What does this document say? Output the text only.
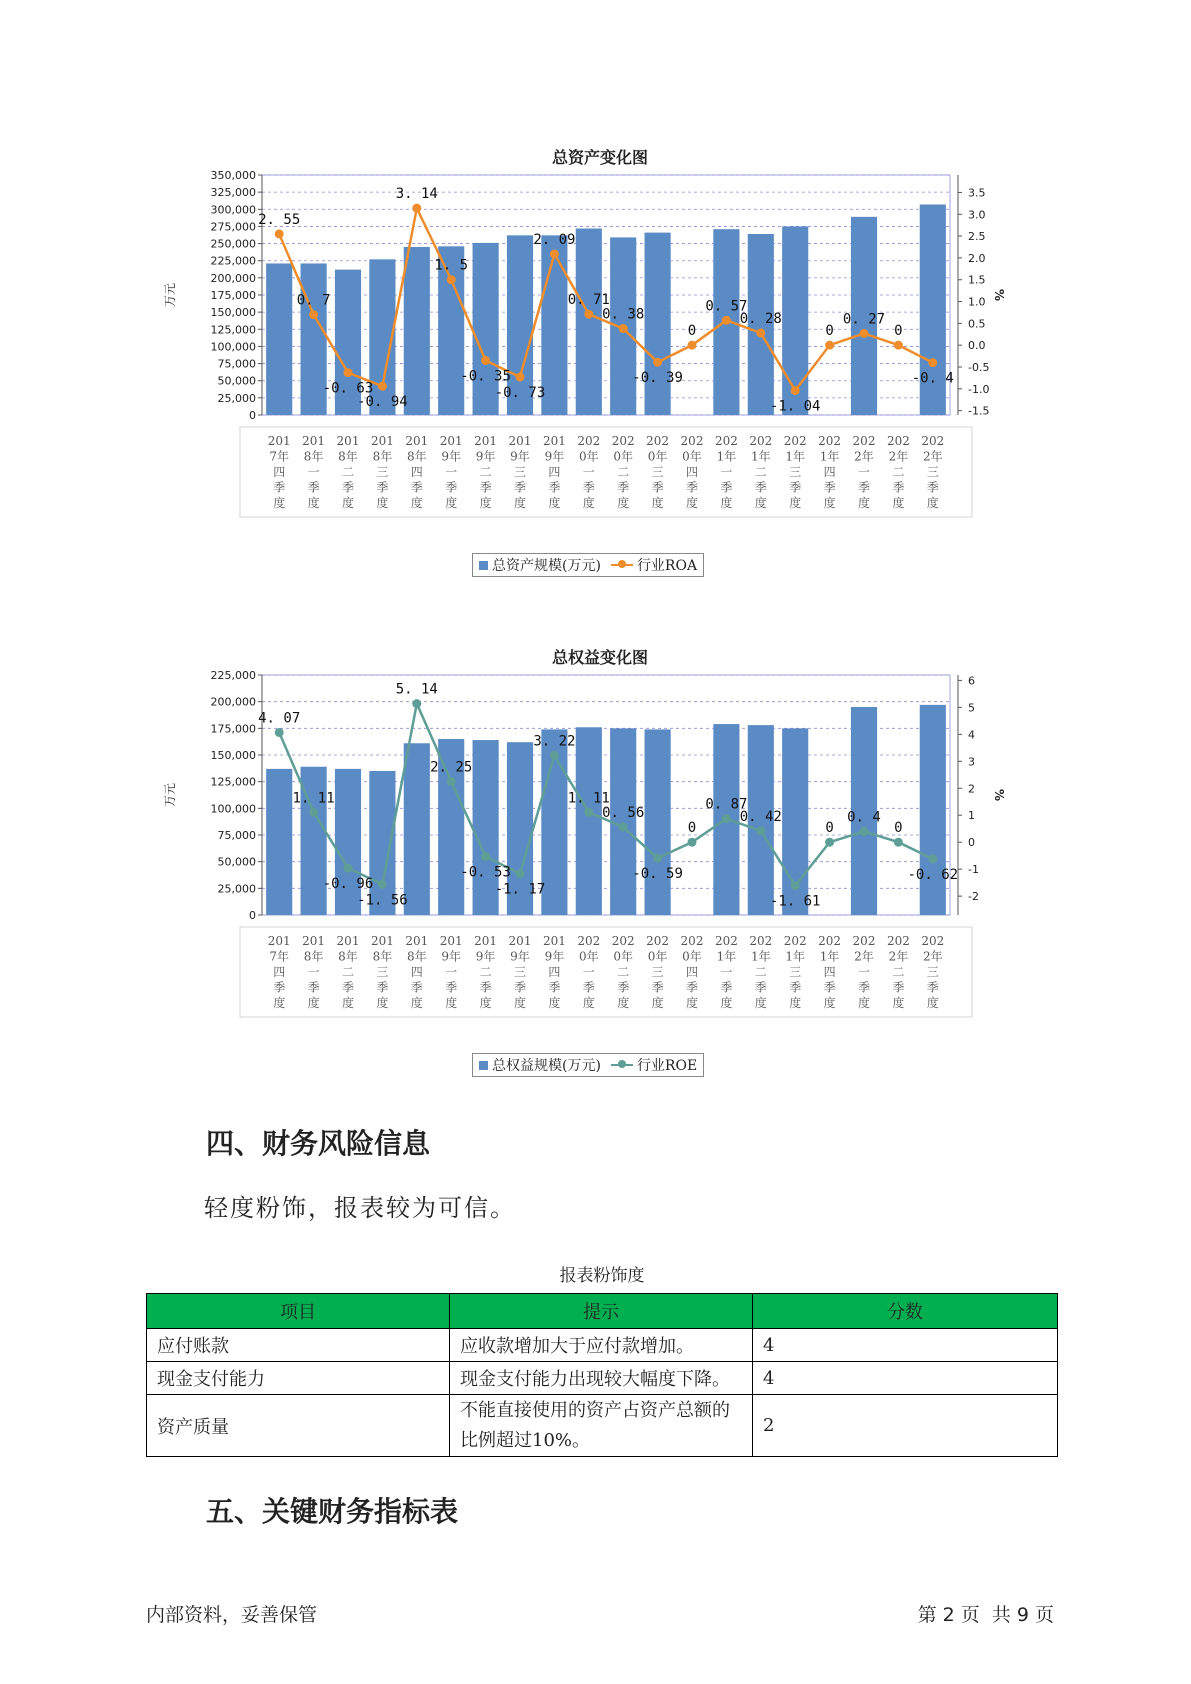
总资产变化图
0
25,000
50,000
75,000
100,000
125,000
150,000
175,000
200,000
225,000
250,000
275,000
300,000
325,000
350,000
-1.5
-1.0
-0.5
0.0
0.5
1.0
1.5
2.0
2.5
3.0
3.5
万元	%
201
7年
四
季
度
201
8年
一
季
度
201
8年
二
季
度
201
8年
三
季
度
201
8年
四
季
度
201
9年
一
季
度
201
9年
二
季
度
201
9年
三
季
度
201
9年
四
季
度
202
0年
一
季
度
202
0年
二
季
度
202
0年
三
季
度
202
0年
四
季
度
202
1年
一
季
度
202
1年
二
季
度
202
1年
三
季
度
202
1年
四
季
度
202
2年
一
季
度
202
2年
二
季
度
202
2年
三
季
度
2. 55
0. 7
-0. 63
-0. 94
3. 14
1. 5
-0. 35
-0. 73
2. 09
0. 71
0. 38
-0. 39
0
0. 57
0. 28
-1. 04
0
0. 27
0
-0. 4
总资产规模(万元)	行业ROA
总权益变化图
0
25,000
50,000
75,000
100,000
125,000
150,000
175,000
200,000
225,000
-2
-1
0
1
2
3
4
5
6
万元	%
201
7年
四
季
度
201
8年
一
季
度
201
8年
二
季
度
201
8年
三
季
度
201
8年
四
季
度
201
9年
一
季
度
201
9年
二
季
度
201
9年
三
季
度
201
9年
四
季
度
202
0年
一
季
度
202
0年
二
季
度
202
0年
三
季
度
202
0年
四
季
度
202
1年
一
季
度
202
1年
二
季
度
202
1年
三
季
度
202
1年
四
季
度
202
2年
一
季
度
202
2年
二
季
度
202
2年
三
季
度
4. 07
1. 11
-0. 96
-1. 56
5. 14
2. 25
-0. 53
-1. 17
3. 22
1. 11
0. 56
-0. 59
0
0. 87
0. 42
-1. 61
0
0. 4
0
-0. 62
总权益规模(万元)	行业ROE
四、财务风险信息
轻度粉饰，报表较为可信。
报表粉饰度
项目	提示	分数
应付账款	应收款增加大于应付款增加。	4
现金支付能力	现金支付能力出现较大幅度下降。	4
资产质量	不能直接使用的资产占资产总额的比例超过10%。	2
五、关键财务指标表
内部资料，妥善保管	第 2 页  共 9 页
